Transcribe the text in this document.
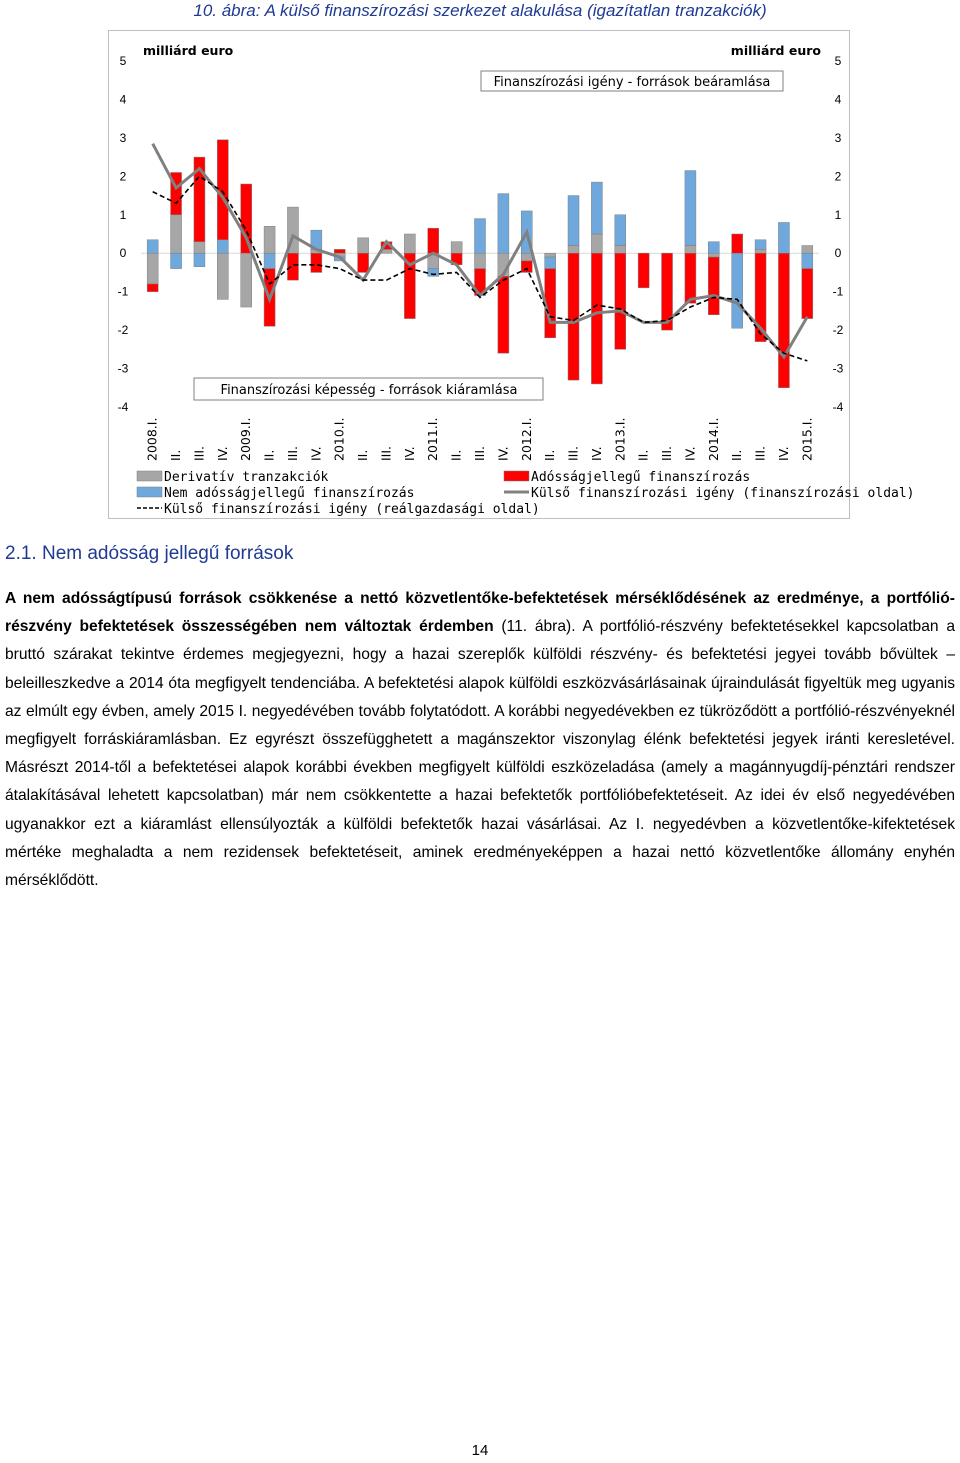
10. ábra: A külső finanszírozási szerkezet alakulása (igazítatlan tranzakciók)
-4	-4
-3	-3
-2	-2
-1	-1
0	0
1	1
2	2
3	3
4	4
5	5
milliárd euro	milliárd euro
Finanszírozási igény - források beáramlása
Finanszírozási képesség - források kiáramlása
2008.I. II. III. IV. 2009.I. II. III. IV. 2010.I. II. III. IV. 2011.I. II. III. IV. 2012.I. II. III. IV. 2013.I. II. III. IV. 2014.I. II. III. IV. 2015.I.
Derivatív tranzakciók
Nem adósságjellegű finanszírozás
Külső finanszírozási igény (reálgazdasági oldal)
Adósságjellegű finanszírozás
Külső finanszírozási igény (finanszírozási oldal)
2.1. Nem adósság jellegű források
A nem adósságtípusú források csökkenése a nettó közvetlentőke-befektetések mérséklődésének az eredménye, a portfólió-részvény befektetések összességében nem változtak érdemben (11. ábra). A portfólió-részvény befektetésekkel kapcsolatban a bruttó szárakat tekintve érdemes megjegyezni, hogy a hazai szereplők külföldi részvény- és befektetési jegyei tovább bővültek – beleilleszkedve a 2014 óta megfigyelt tendenciába. A befektetési alapok külföldi eszközvásárlásainak újraindulását figyeltük meg ugyanis az elmúlt egy évben, amely 2015 I. negyedévében tovább folytatódott. A korábbi negyedévekben ez tükröződött a portfólió-részvényeknél megfigyelt forráskiáramlásban. Ez egyrészt összefügghetett a magánszektor viszonylag élénk befektetési jegyek iránti keresletével. Másrészt 2014-től a befektetései alapok korábbi években megfigyelt külföldi eszközeladása (amely a magánnyugdíj-pénztári rendszer átalakításával lehetett kapcsolatban) már nem csökkentette a hazai befektetők portfólióbefektetéseit. Az idei év első negyedévében ugyanakkor ezt a kiáramlást ellensúlyozták a külföldi befektetők hazai vásárlásai. Az I. negyedévben a közvetlentőke-kifektetések mértéke meghaladta a nem rezidensek befektetéseit, aminek eredményeképpen a hazai nettó közvetlentőke állomány enyhén mérséklődött.
14
